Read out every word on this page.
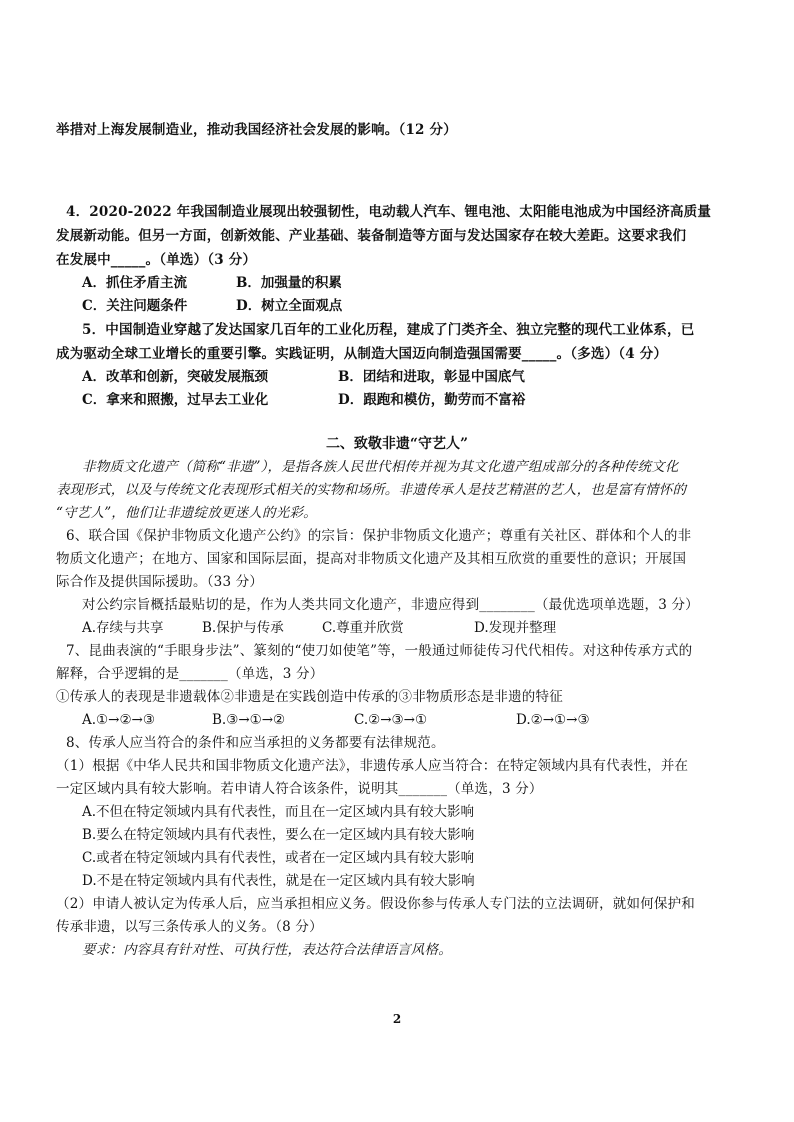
举措对上海发展制造业，推动我国经济社会发展的影响。（12 分）
4．2020-2022 年我国制造业展现出较强韧性，电动载人汽车、锂电池、太阳能电池成为中国经济高质量
发展新动能。但另一方面，创新效能、产业基础、装备制造等方面与发达国家存在较大差距。这要求我们
在发展中_____。（单选）（3 分）
A．抓住矛盾主流	B．加强量的积累
C．关注问题条件	D．树立全面观点
5．中国制造业穿越了发达国家几百年的工业化历程，建成了门类齐全、独立完整的现代工业体系，已
成为驱动全球工业增长的重要引擎。实践证明，从制造大国迈向制造强国需要_____。（多选）（4 分）
A．改革和创新，突破发展瓶颈	B．团结和进取，彰显中国底气
C．拿来和照搬，过早去工业化	D．跟跑和模仿，勤劳而不富裕
二、致敬非遗“守艺人”
非物质文化遗产（简称“非遗”），是指各族人民世代相传并视为其文化遗产组成部分的各种传统文化
表现形式，以及与传统文化表现形式相关的实物和场所。非遗传承人是技艺精湛的艺人，也是富有情怀的
“守艺人”，他们让非遗绽放更迷人的光彩。
6、联合国《保护非物质文化遗产公约》的宗旨：保护非物质文化遗产；尊重有关社区、群体和个人的非
物质文化遗产；在地方、国家和国际层面，提高对非物质文化遗产及其相互欣赏的重要性的意识；开展国
际合作及提供国际援助。（33 分）
对公约宗旨概括最贴切的是，作为人类共同文化遗产，非遗应得到________（最优选项单选题，3 分）
A.存续与共享	B.保护与传承	C.尊重并欣赏	D.发现并整理
7、昆曲表演的“手眼身步法”、篆刻的“使刀如使笔”等，一般通过师徒传习代代相传。对这种传承方式的
解释，合乎逻辑的是_______（单选，3 分）
①传承人的表现是非遗载体②非遗是在实践创造中传承的③非物质形态是非遗的特征
A.①→②→③	B.③→①→②	C.②→③→①	D.②→①→③
8、传承人应当符合的条件和应当承担的义务都要有法律规范。
（1）根据《中华人民共和国非物质文化遗产法》，非遗传承人应当符合：在特定领域内具有代表性，并在
一定区域内具有较大影响。若申请人符合该条件，说明其_______（单选，3 分）
A.不但在特定领域内具有代表性，而且在一定区域内具有较大影响
B.要么在特定领域内具有代表性，要么在一定区域内具有较大影响
C.或者在特定领域内具有代表性，或者在一定区域内具有较大影响
D.不是在特定领域内具有代表性，就是在一定区域内具有较大影响
（2）申请人被认定为传承人后，应当承担相应义务。假设你参与传承人专门法的立法调研，就如何保护和
传承非遗，以写三条传承人的义务。（8 分）
要求：内容具有针对性、可执行性，表达符合法律语言风格。
2
